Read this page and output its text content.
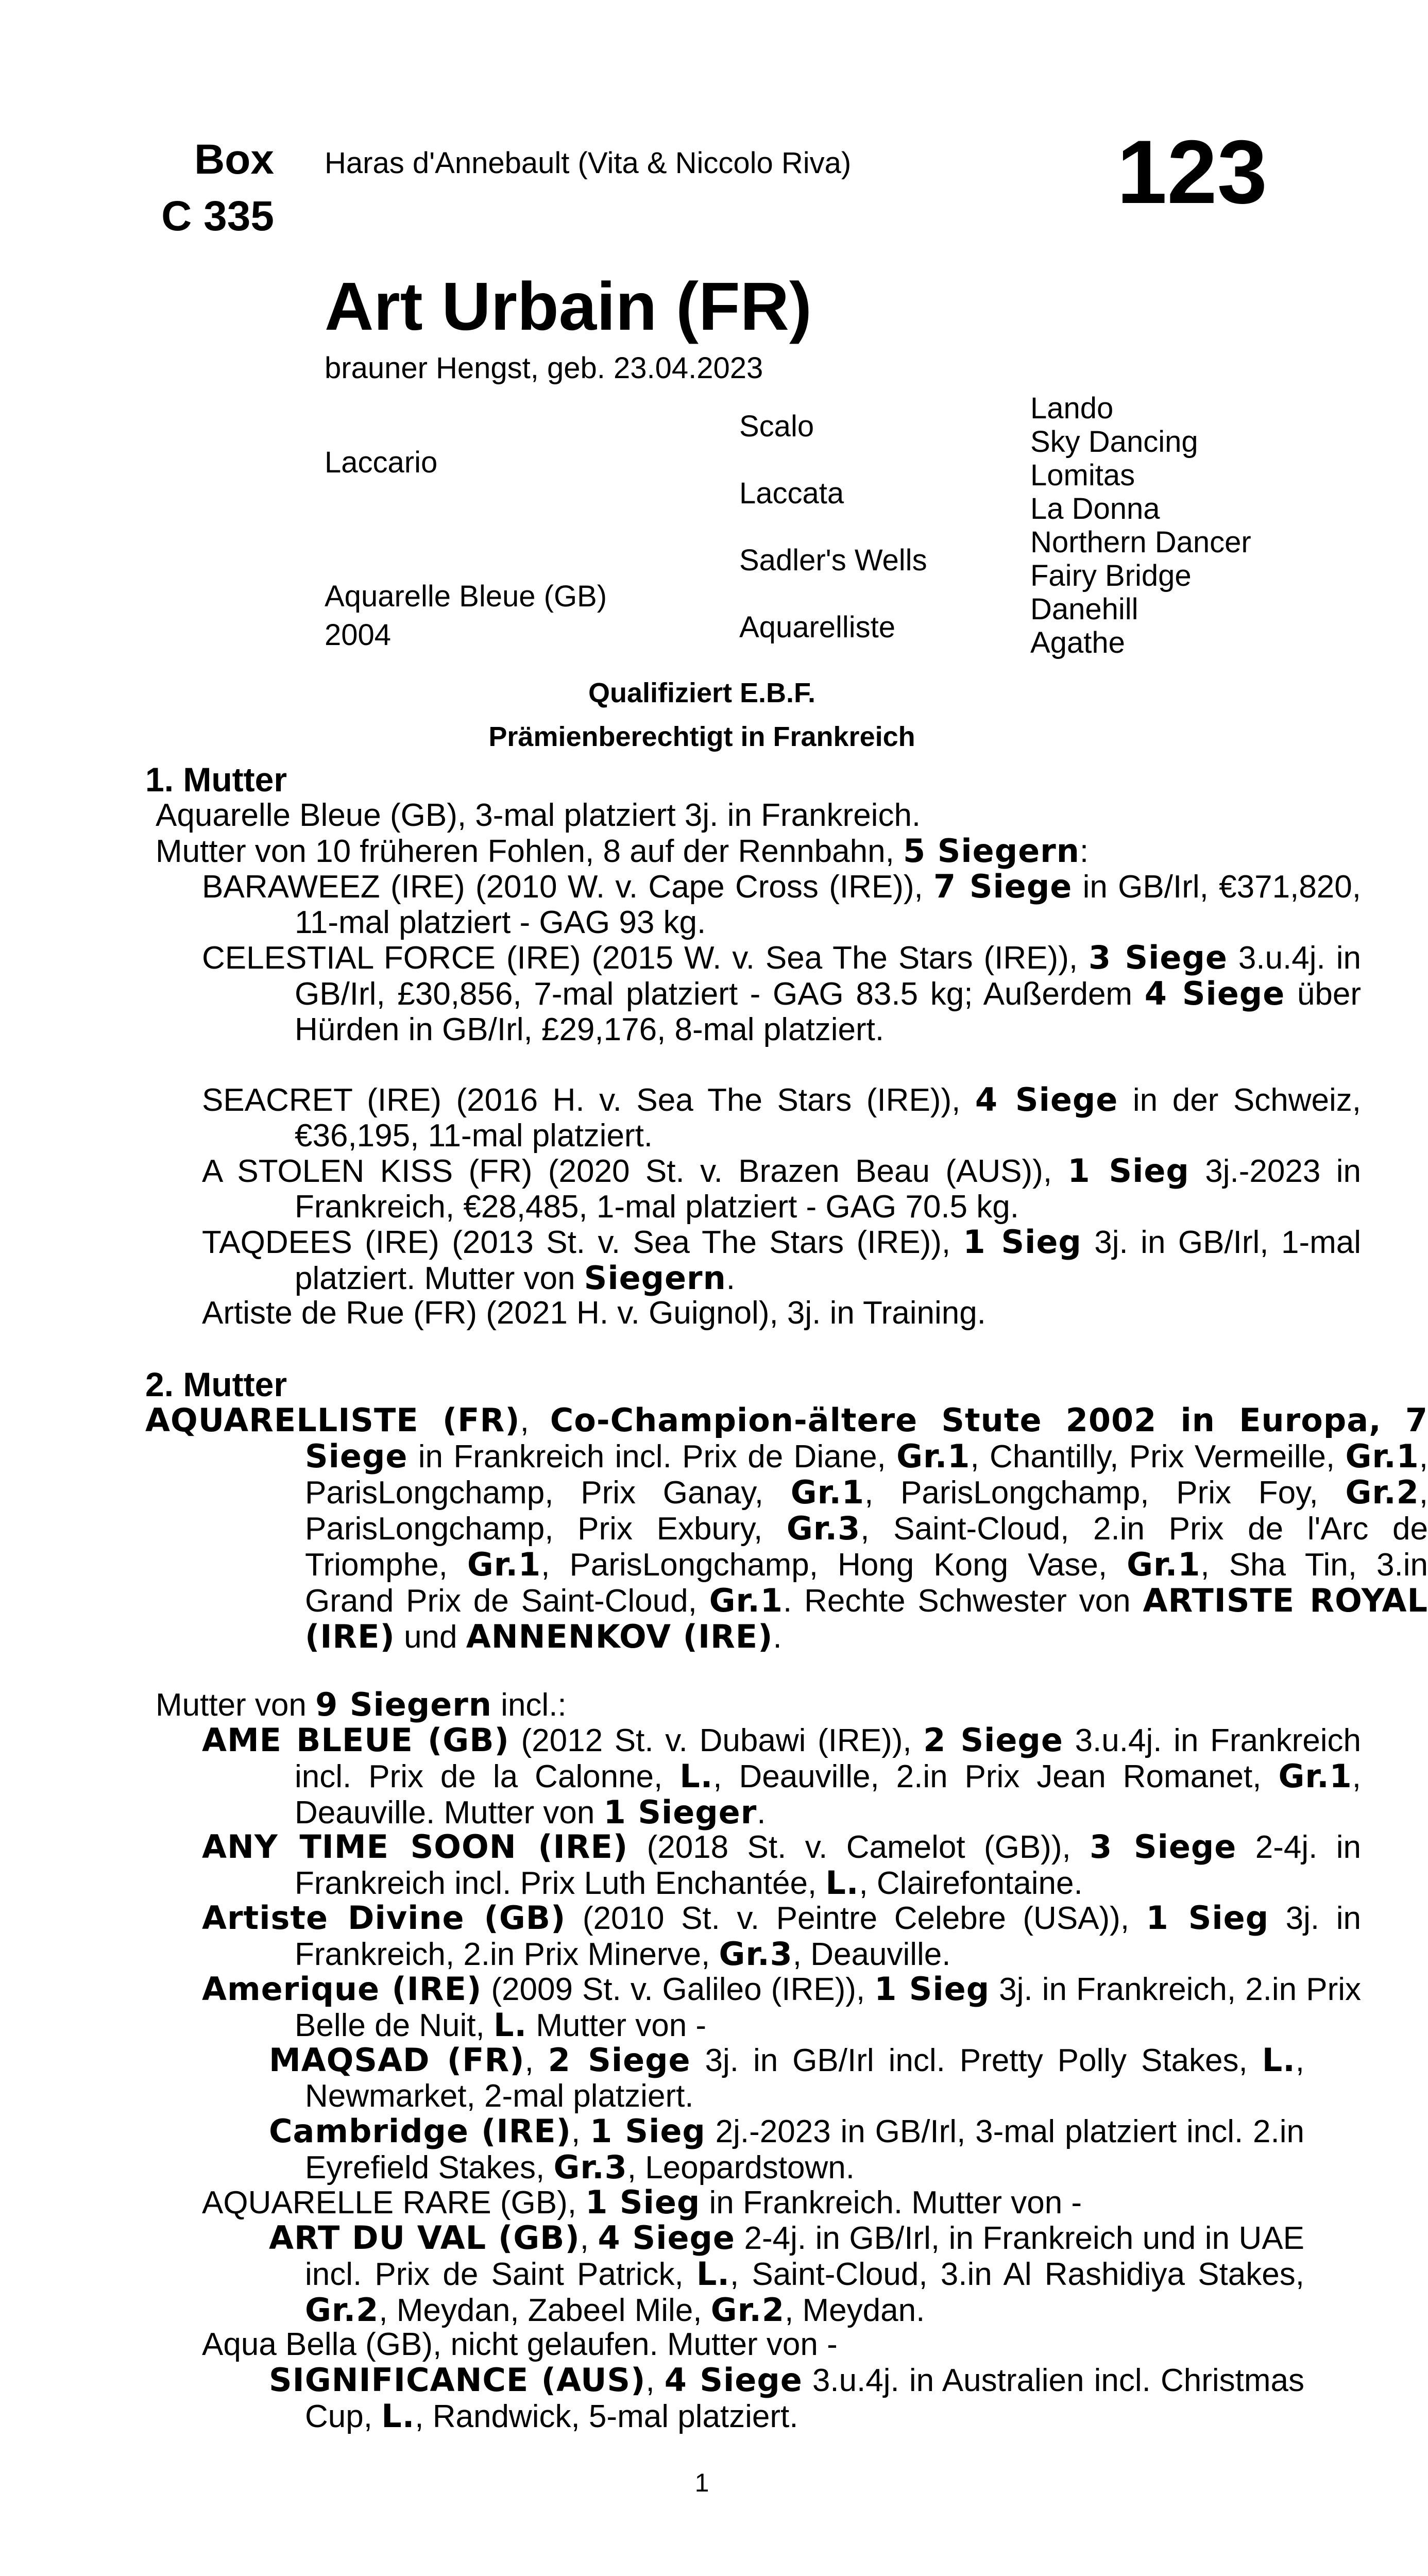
Box
C 335
Haras d'Annebault (Vita & Niccolo Riva)	123
Art Urbain (FR)
brauner Hengst, geb. 23.04.2023
Laccario
Aquarelle Bleue (GB)
2004
Scalo
Laccata
Sadler's Wells
Aquarelliste
Lando
Sky Dancing
Lomitas
La Donna
Northern Dancer
Fairy Bridge
Danehill
Agathe
Qualifiziert E.B.F.
Prämienberechtigt in Frankreich
1. Mutter
Aquarelle Bleue (GB), 3-mal platziert 3j. in Frankreich.
Mutter von 10 früheren Fohlen, 8 auf der Rennbahn, 5 Siegern:
BARAWEEZ (IRE) (2010 W. v. Cape Cross (IRE)), 7 Siege in GB/Irl, €371,820, 11-mal platziert - GAG 93 kg.
CELESTIAL FORCE (IRE) (2015 W. v. Sea The Stars (IRE)), 3 Siege 3.u.4j. in GB/Irl, £30,856, 7-mal platziert - GAG 83.5 kg; Außerdem 4 Siege über Hürden in GB/Irl, £29,176, 8-mal platziert.
SEACRET (IRE) (2016 H. v. Sea The Stars (IRE)), 4 Siege in der Schweiz, €36,195, 11-mal platziert.
A STOLEN KISS (FR) (2020 St. v. Brazen Beau (AUS)), 1 Sieg 3j.-2023 in Frankreich, €28,485, 1-mal platziert - GAG 70.5 kg.
TAQDEES (IRE) (2013 St. v. Sea The Stars (IRE)), 1 Sieg 3j. in GB/Irl, 1-mal platziert. Mutter von Siegern.
Artiste de Rue (FR) (2021 H. v. Guignol), 3j. in Training.
2. Mutter
AQUARELLISTE (FR), Co-Champion-ältere Stute 2002 in Europa, 7 Siege in Frankreich incl. Prix de Diane, Gr.1, Chantilly, Prix Vermeille, Gr.1, ParisLongchamp, Prix Ganay, Gr.1, ParisLongchamp, Prix Foy, Gr.2, ParisLongchamp, Prix Exbury, Gr.3, Saint-Cloud, 2.in Prix de l'Arc de Triomphe, Gr.1, ParisLongchamp, Hong Kong Vase, Gr.1, Sha Tin, 3.in Grand Prix de Saint-Cloud, Gr.1. Rechte Schwester von ARTISTE ROYAL (IRE) und ANNENKOV (IRE).
Mutter von 9 Siegern incl.:
AME BLEUE (GB) (2012 St. v. Dubawi (IRE)), 2 Siege 3.u.4j. in Frankreich incl. Prix de la Calonne, L., Deauville, 2.in Prix Jean Romanet, Gr.1, Deauville. Mutter von 1 Sieger.
ANY TIME SOON (IRE) (2018 St. v. Camelot (GB)), 3 Siege 2-4j. in Frankreich incl. Prix Luth Enchantée, L., Clairefontaine.
Artiste Divine (GB) (2010 St. v. Peintre Celebre (USA)), 1 Sieg 3j. in Frankreich, 2.in Prix Minerve, Gr.3, Deauville.
Amerique (IRE) (2009 St. v. Galileo (IRE)), 1 Sieg 3j. in Frankreich, 2.in Prix Belle de Nuit, L. Mutter von -
MAQSAD (FR), 2 Siege 3j. in GB/Irl incl. Pretty Polly Stakes, L., Newmarket, 2-mal platziert.
Cambridge (IRE), 1 Sieg 2j.-2023 in GB/Irl, 3-mal platziert incl. 2.in Eyrefield Stakes, Gr.3, Leopardstown.
AQUARELLE RARE (GB), 1 Sieg in Frankreich. Mutter von -
ART DU VAL (GB), 4 Siege 2-4j. in GB/Irl, in Frankreich und in UAE incl. Prix de Saint Patrick, L., Saint-Cloud, 3.in Al Rashidiya Stakes, Gr.2, Meydan, Zabeel Mile, Gr.2, Meydan.
Aqua Bella (GB), nicht gelaufen. Mutter von -
SIGNIFICANCE (AUS), 4 Siege 3.u.4j. in Australien incl. Christmas Cup, L., Randwick, 5-mal platziert.
1
